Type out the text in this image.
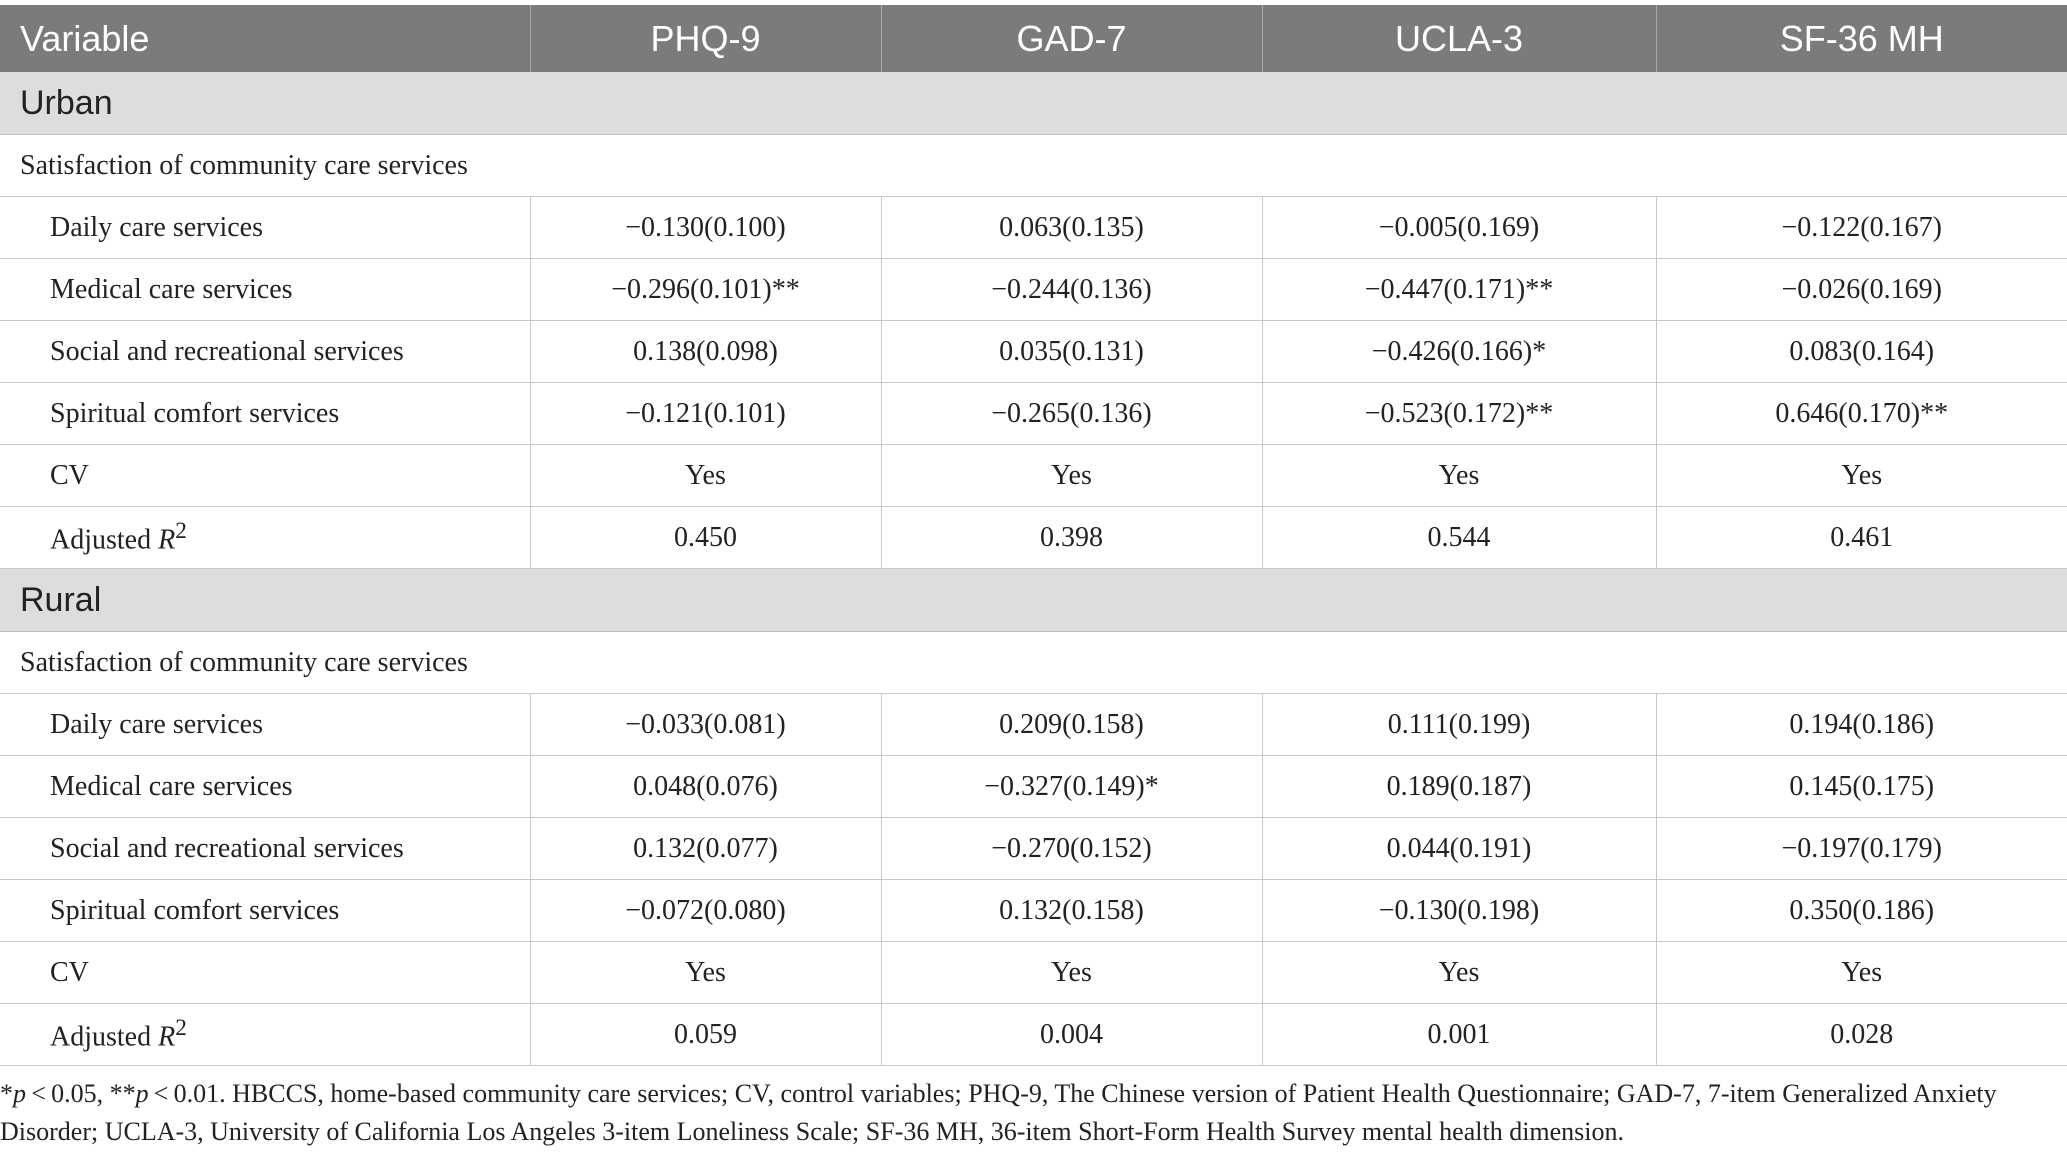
Variable	PHQ-9	GAD-7	UCLA-3	SF-36 MH
Urban				
Satisfaction of community care services				
Daily care services	−0.130(0.100)	0.063(0.135)	−0.005(0.169)	−0.122(0.167)
Medical care services	−0.296(0.101)**	−0.244(0.136)	−0.447(0.171)**	−0.026(0.169)
Social and recreational services	0.138(0.098)	0.035(0.131)	−0.426(0.166)*	0.083(0.164)
Spiritual comfort services	−0.121(0.101)	−0.265(0.136)	−0.523(0.172)**	0.646(0.170)**
CV	Yes	Yes	Yes	Yes
Adjusted $R^2$	0.450	0.398	0.544	0.461
Rural				
Satisfaction of community care services				
Daily care services	−0.033(0.081)	0.209(0.158)	0.111(0.199)	0.194(0.186)
Medical care services	0.048(0.076)	−0.327(0.149)*	0.189(0.187)	0.145(0.175)
Social and recreational services	0.132(0.077)	−0.270(0.152)	0.044(0.191)	−0.197(0.179)
Spiritual comfort services	−0.072(0.080)	0.132(0.158)	−0.130(0.198)	0.350(0.186)
CV	Yes	Yes	Yes	Yes
Adjusted $R^2$	0.059	0.004	0.001	0.028
*p < 0.05, **p < 0.01. HBCCS, home-based community care services; CV, control variables; PHQ-9, The Chinese version of Patient Health Questionnaire; GAD-7, 7-item Generalized Anxiety Disorder; UCLA-3, University of California Los Angeles 3-item Loneliness Scale; SF-36 MH, 36-item Short-Form Health Survey mental health dimension.
